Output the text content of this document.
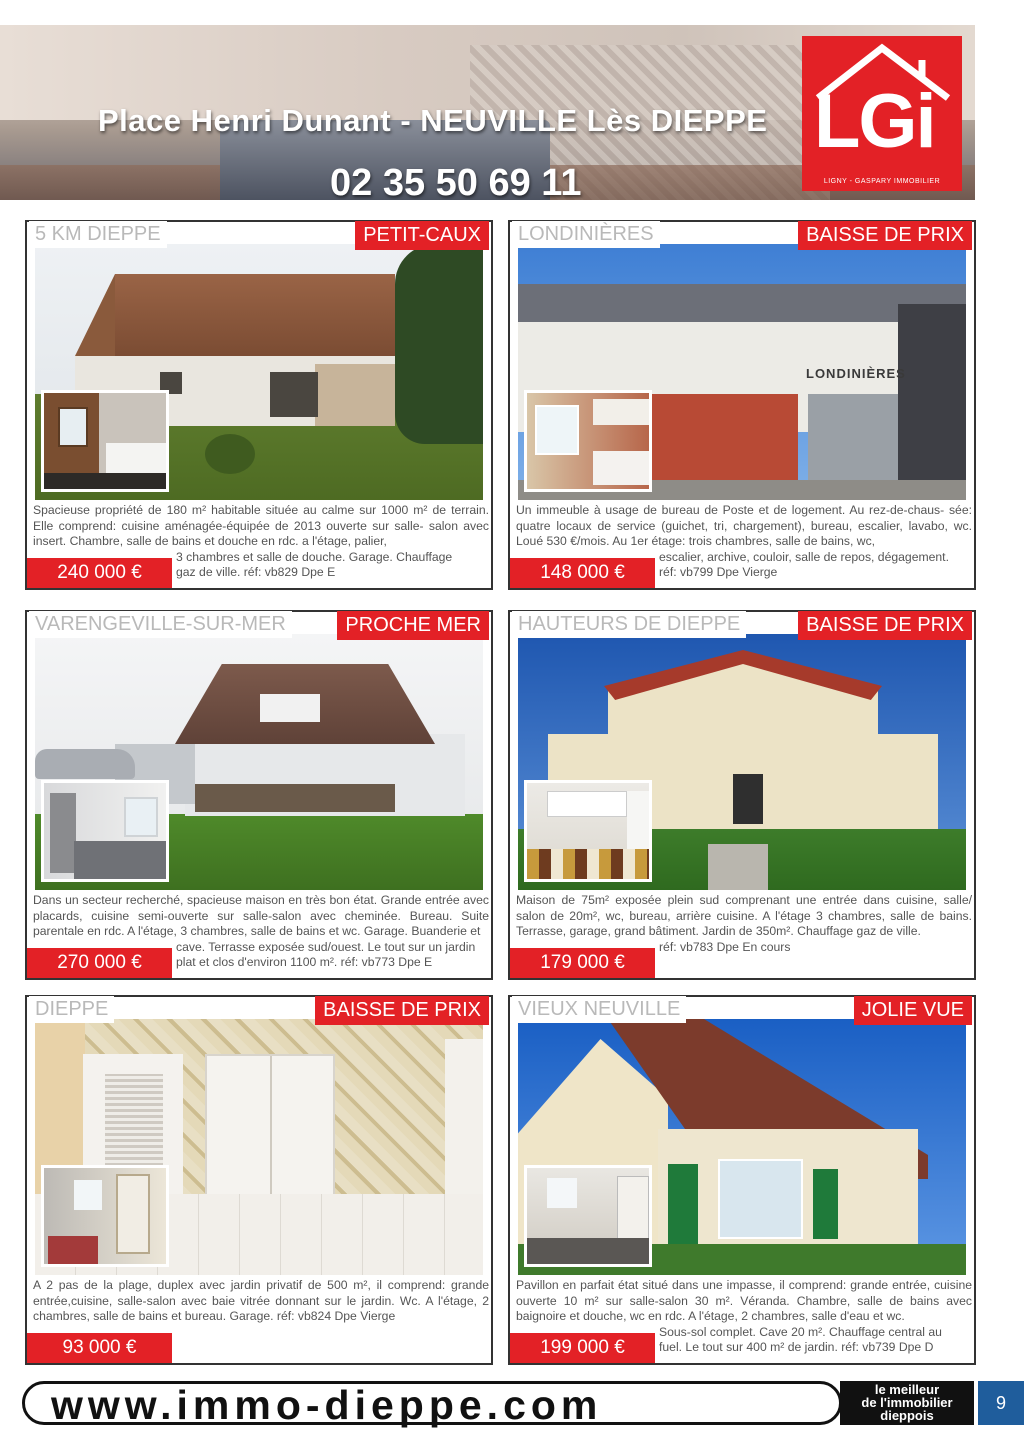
Place Henri Dunant - NEUVILLE Lès DIEPPE
02 35 50 69 11
LGi
LIGNY - GASPARY IMMOBILIER
5 KM DIEPPE	PETIT-CAUX
Spacieuse propriété de 180 m² habitable située au calme sur 1000 m² de terrain. Elle comprend: cuisine aménagée-équipée de 2013 ouverte sur salle- salon avec insert. Chambre, salle de bains et douche en rdc. a l'étage, palier,
3 chambres et salle de douche. Garage. Chauffage
gaz de ville. réf: vb829 Dpe E
240 000 €
LONDINIÈRES	BAISSE DE PRIX
LONDINIÈRES
Un immeuble à usage de bureau de Poste et de logement. Au rez-de-chaus- sée: quatre locaux de service (guichet, tri, chargement), bureau, escalier, lavabo, wc. Loué 530 €/mois. Au 1er étage: trois chambres, salle de bains, wc,
escalier, archive, couloir, salle de repos, dégagement.
réf: vb799 Dpe Vierge
148 000 €
VARENGEVILLE-SUR-MER	PROCHE MER
Dans un secteur recherché, spacieuse maison en très bon état. Grande entrée avec placards, cuisine semi-ouverte sur salle-salon avec cheminée. Bureau. Suite parentale en rdc. A l'étage, 3 chambres, salle de bains et wc. Garage. Buanderie et
cave. Terrasse exposée sud/ouest. Le tout sur un jardin
plat et clos d'environ 1100 m². réf: vb773 Dpe E
270 000 €
HAUTEURS DE DIEPPE	BAISSE DE PRIX
Maison de 75m² exposée plein sud comprenant une entrée dans cuisine, salle/ salon de 20m², wc, bureau, arrière cuisine. A l'étage 3 chambres, salle de bains. Terrasse, garage, grand bâtiment. Jardin de 350m². Chauffage gaz de ville.
réf: vb783 Dpe En cours
179 000 €
DIEPPE	BAISSE DE PRIX
A 2 pas de la plage, duplex avec jardin privatif de 500 m², il comprend: grande entrée,cuisine, salle-salon avec baie vitrée donnant sur le jardin. Wc. A l'étage, 2 chambres, salle de bains et bureau. Garage. réf: vb824 Dpe Vierge
93 000 €
VIEUX NEUVILLE	JOLIE VUE
Pavillon en parfait état situé dans une impasse, il comprend: grande entrée, cuisine ouverte 10 m² sur salle-salon 30 m². Véranda. Chambre, salle de bains avec baignoire et douche, wc en rdc. A l'étage, 2 chambres, salle d'eau et wc.
Sous-sol complet. Cave 20 m². Chauffage central au
fuel. Le tout sur 400 m² de jardin. réf: vb739 Dpe D
199 000 €
www.immo-dieppe.com	le meilleur
de l'immobilier
dieppois
9
